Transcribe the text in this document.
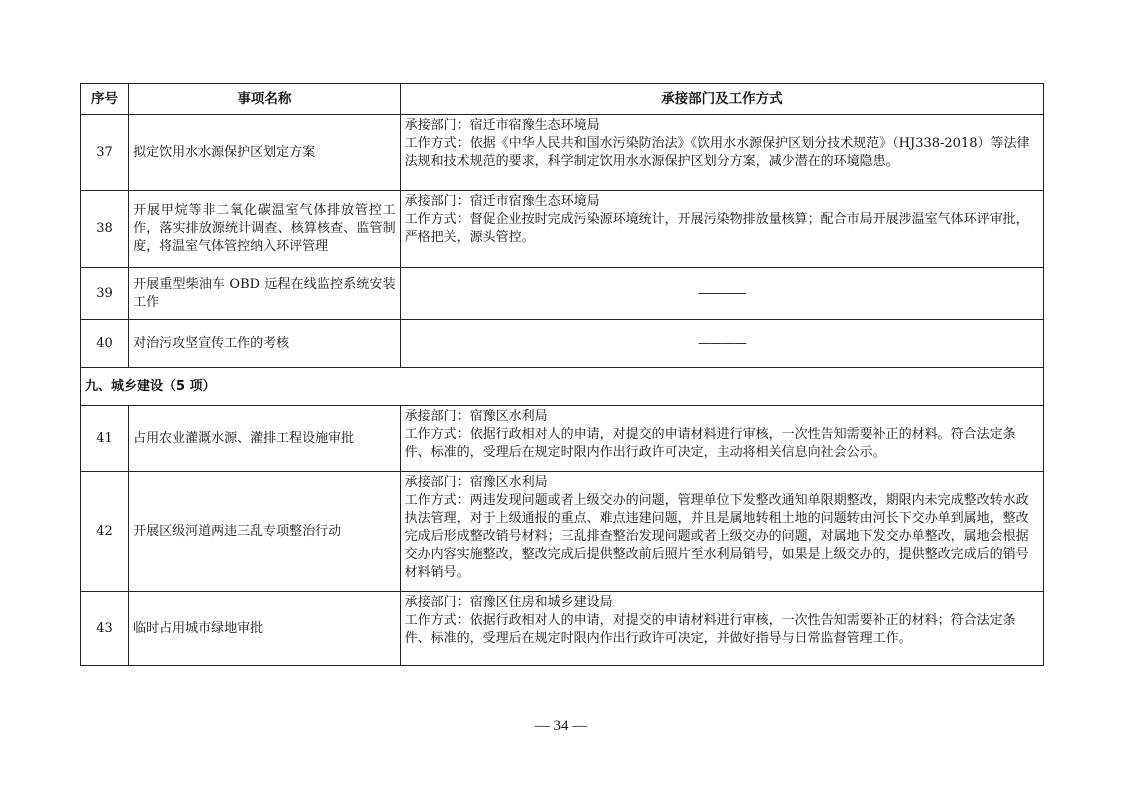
序号	事项名称	承接部门及工作方式
37	拟定饮用水水源保护区划定方案	承接部门：宿迁市宿豫生态环境局
工作方式：依据《中华人民共和国水污染防治法》《饮用水水源保护区划分技术规范》（HJ338-2018）等法律法规和技术规范的要求，科学制定饮用水水源保护区划分方案，减少潜在的环境隐患。

38	开展甲烷等非二氧化碳温室气体排放管控工作，落实排放源统计调查、核算核查、监管制度，将温室气体管控纳入环评管理	承接部门：宿迁市宿豫生态环境局
工作方式：督促企业按时完成污染源环境统计，开展污染物排放量核算；配合市局开展涉温室气体环评审批，严格把关，源头管控。

39	开展重型柴油车 OBD 远程在线监控系统安装工作	————
40	对治污攻坚宣传工作的考核	————
九、城乡建设（5 项）		
41	占用农业灌溉水源、灌排工程设施审批	承接部门：宿豫区水利局
工作方式：依据行政相对人的申请，对提交的申请材料进行审核，一次性告知需要补正的材料。符合法定条件、标准的，受理后在规定时限内作出行政许可决定，主动将相关信息向社会公示。

42	开展区级河道两违三乱专项整治行动	承接部门：宿豫区水利局
工作方式：两违发现问题或者上级交办的问题，管理单位下发整改通知单限期整改，期限内未完成整改转水政执法管理，对于上级通报的重点、难点违建问题，并且是属地转租土地的问题转由河长下交办单到属地，整改完成后形成整改销号材料；三乱排查整治发现问题或者上级交办的问题，对属地下发交办单整改，属地会根据交办内容实施整改，整改完成后提供整改前后照片至水利局销号，如果是上级交办的，提供整改完成后的销号材料销号。

43	临时占用城市绿地审批	承接部门：宿豫区住房和城乡建设局
工作方式：依据行政相对人的申请，对提交的申请材料进行审核，一次性告知需要补正的材料；符合法定条件、标准的，受理后在规定时限内作出行政许可决定，并做好指导与日常监督管理工作。
— 34 —
